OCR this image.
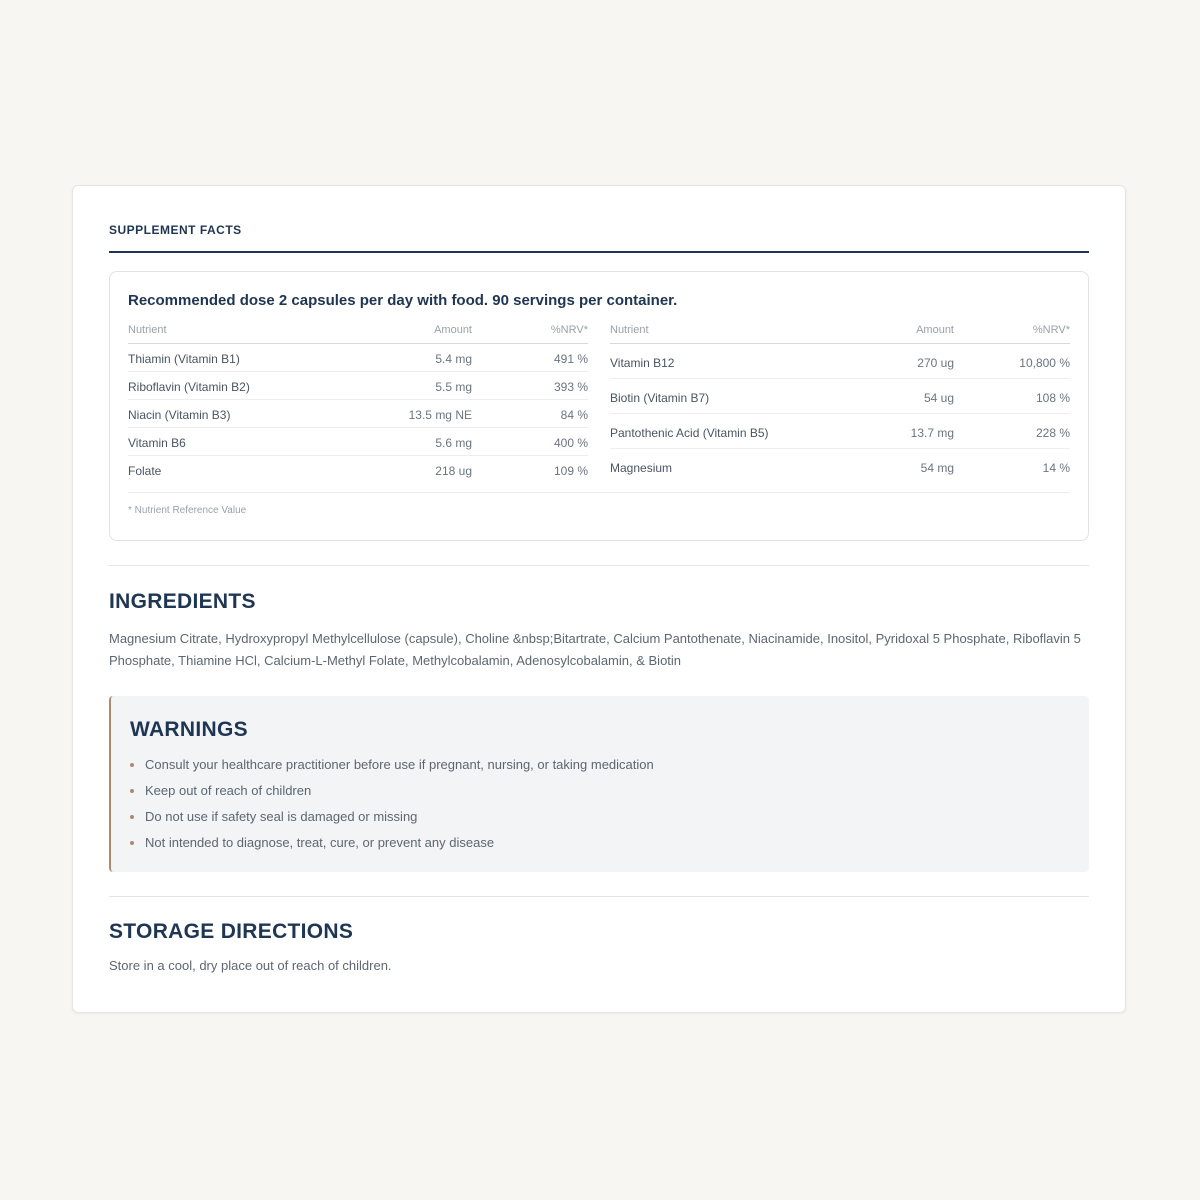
SUPPLEMENT FACTS
Recommended dose 2 capsules per day with food. 90 servings per container.
Nutrient	Amount	%NRV*
Thiamin (Vitamin B1)	5.4 mg	491 %
Riboflavin (Vitamin B2)	5.5 mg	393 %
Niacin (Vitamin B3)	13.5 mg NE	84 %
Vitamin B6	5.6 mg	400 %
Folate	218 ug	109 %
Nutrient	Amount	%NRV*
Vitamin B12	270 ug	10,800 %
Biotin (Vitamin B7)	54 ug	108 %
Pantothenic Acid (Vitamin B5)	13.7 mg	228 %
Magnesium	54 mg	14 %
* Nutrient Reference Value
INGREDIENTS
Magnesium Citrate, Hydroxypropyl Methylcellulose (capsule), Choline &nbsp;Bitartrate, Calcium Pantothenate, Niacinamide, Inositol, Pyridoxal 5 Phosphate, Riboflavin 5 Phosphate, Thiamine HCl, Calcium-L-Methyl Folate, Methylcobalamin, Adenosylcobalamin, & Biotin
WARNINGS
Consult your healthcare practitioner before use if pregnant, nursing, or taking medication
Keep out of reach of children
Do not use if safety seal is damaged or missing
Not intended to diagnose, treat, cure, or prevent any disease
STORAGE DIRECTIONS
Store in a cool, dry place out of reach of children.
